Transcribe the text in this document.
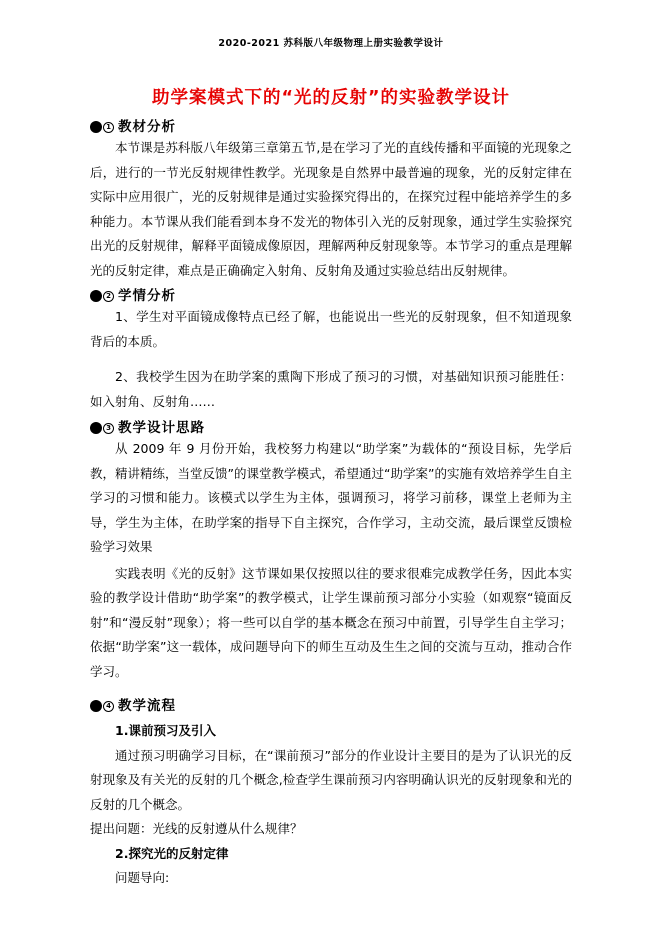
2020-2021 苏科版八年级物理上册实验教学设计
助学案模式下的“光的反射”的实验教学设计
1 教材分析

本节课是苏科版八年级第三章第五节,是在学习了光的直线传播和平面镜的光现象之后，进行的一节光反射规律性教学。光现象是自然界中最普遍的现象，光的反射定律在实际中应用很广，光的反射规律是通过实验探究得出的，在探究过程中能培养学生的多种能力。本节课从我们能看到本身不发光的物体引入光的反射现象，通过学生实验探究出光的反射规律，解释平面镜成像原因，理解两种反射现象等。本节学习的重点是理解光的反射定律，难点是正确确定入射角、反射角及通过实验总结出反射规律。

2 学情分析

1、学生对平面镜成像特点已经了解，也能说出一些光的反射现象，但不知道现象背后的本质。

2、我校学生因为在助学案的熏陶下形成了预习的习惯，对基础知识预习能胜任：如入射角、反射角……

3 教学设计思路

从 2009 年 9 月份开始，我校努力构建以“助学案”为载体的“预设目标，先学后教，精讲精练，当堂反馈”的课堂教学模式，希望通过“助学案”的实施有效培养学生自主学习的习惯和能力。该模式以学生为主体，强调预习，将学习前移，课堂上老师为主导，学生为主体，在助学案的指导下自主探究，合作学习，主动交流，最后课堂反馈检验学习效果

实践表明《光的反射》这节课如果仅按照以往的要求很难完成教学任务，因此本实验的教学设计借助“助学案”的教学模式，让学生课前预习部分小实验（如观察“镜面反射”和“漫反射”现象）；将一些可以自学的基本概念在预习中前置，引导学生自主学习；依据“助学案”这一载体，成问题导向下的师生互动及生生之间的交流与互动，推动合作学习。

4 教学流程

1.课前预习及引入

通过预习明确学习目标，在“课前预习”部分的作业设计主要目的是为了认识光的反射现象及有关光的反射的几个概念,检查学生课前预习内容明确认识光的反射现象和光的反射的几个概念。

提出问题：光线的反射遵从什么规律？

2.探究光的反射定律

问题导向:
